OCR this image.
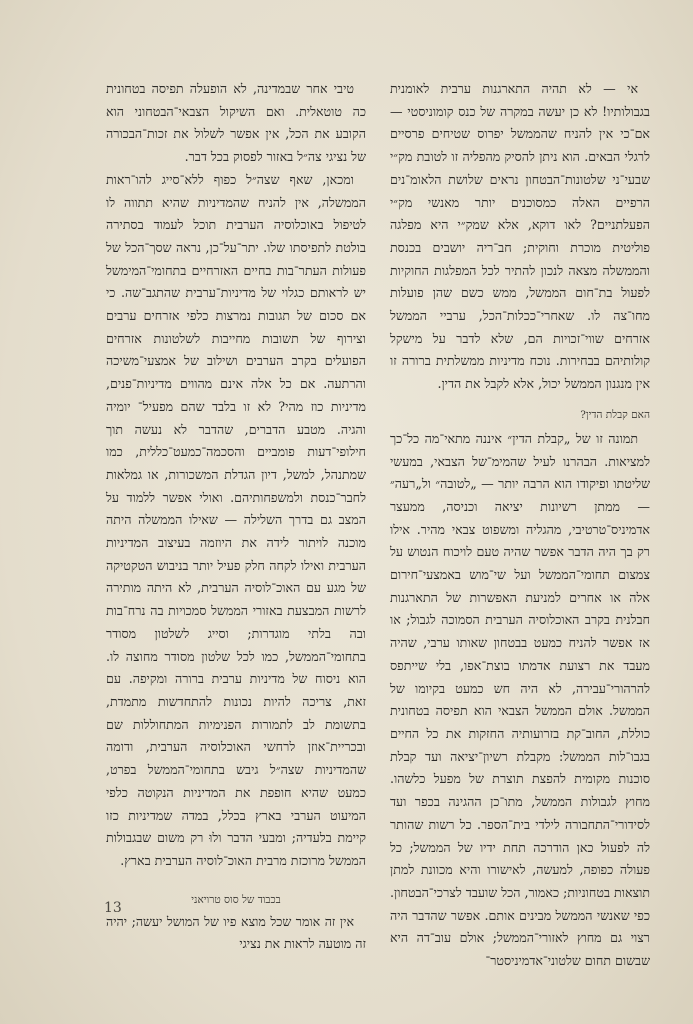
אי — לא תהיה התארגנות ערבית לאומנית בגבולותיו! לא כן יעשה במקרה של כנס קומוניסטי — אם־כי אין להניח שהממשל יפרוס שטיחים פרסיים לרגלי הבאים. הוא ניתן להסיק מהפליה זו לטובת מק״י שבעי־ני שלטונות־הבטחון נראים שלושת הלאומ־נים הרפיים האלה כמסוכנים יותר מאנשי מק״י הפעלתניים? לאו דוקא, אלא שמק״י היא מפלגה פוליטית מוכרת וחוקית; חב־ריה יושבים בכנסת והממשלה מצאה לנכון להתיר לכל המפלגות החוקיות לפעול בת־חום הממשל, ממש כשם שהן פועלות מחו־צה לו. שאחרי־ככלות־הכל, ערביי הממשל אזרחים שווי־זכויות הם, שלא לדבר על מישקל קולותיהם בבחירות. נוכח מדיניות ממשלתית ברורה זו אין מנגנון הממשל יכול, אלא לקבל את הדין.

האם קבלת הדין?

תמונה זו של „קבלת הדין״ איננה מתאי־מה כל־כך למציאות. הבהרנו לעיל שהמימ־של הצבאי, במעשי שליטתו ופיקודו הוא הרבה יותר — „לטובה״ ול„רעה״ — ממתן רשיונות יציאה וכניסה, ממעצר אדמיניס־טרטיבי, מהגליה ומשפוט צבאי מהיר. אילו רק בך היה הדבר אפשר שהיה טעם לויכוח הנטוש על צמצום תחומי־הממשל ועל שי־מוש באמצעי־חירום אלה או אחרים למניעת האפשרות של התארגנות חבלנית בקרב האוכלוסיה הערבית הסמוכה לגבול; או אז אפשר להניח כמעט בבטחון שאותו ערבי, שהיה מעבד את רצועת אדמתו בוצת־אפו, בלי שייתפס להרהורי־עבירה, לא היה חש כמעט בקיומו של הממשל. אולם הממשל הצבאי הוא תפיסה בטחונית כוללת, החוב־קת בזרועותיה החזקות את כל החיים בגבו־לות הממשל: מקבלת רשיון־יציאה ועד קבלת סוכנות מקומית להפצת תוצרת של מפעל כלשהו. מחוץ לגבולות הממשל, מתו־כן ההגינה בכפר ועד לסידורי־התחבורה לילדי בית־הספר. כל רשות שהותר לה לפעול כאן הודרכה תחת ידיו של הממשל; כל פעולה כפופה, למעשה, לאישורו והיא מכוונת למתן תוצאות בטחוניות; כאמור, הכל שועבד לצרכי־הבטחון. כפי שאנשי הממשל מבינים אותם. אפשר שהדבר היה רצוי גם מחוץ לאזורי־הממשל; אולם עוב־דה היא שבשום תחום שלטוני־אדמיניסטר־

טיבי אחר שבמדינה, לא הופעלה תפיסה בטחונית כה טוטאלית. ואם השיקול הצבאי־הבטחוני הוא הקובע את הכל, אין אפשר לשלול את זכות־הבכורה של נציגי צה״ל באזור לפסוק בכל דבר.

ומכאן, שאף שצה״ל כפוף ללא־סייג להו־ראות הממשלה, אין להניח שהמדיניות שהיא תתווה לו לטיפול באוכלוסיה הערבית תוכל לעמוד בסתירה בולטת לתפיסתו שלו. יתר־על־כן, נראה שסך־הכל של פעולות העתר־בות בחיים האזרחיים בתחומי־המימשל יש לראותם כגלוי של מדיניות־ערבית שהתגב־שה. כי אם סכום של תגובות נמרצות כלפי אזרחים ערבים וצירוף של תשובות מחייבות לשלטונות אזרחים הפועלים בקרב הערבים ושילוב של אמצעי־משיכה והרתעה. אם כל אלה אינם מהווים מדיניות־פנים, מדיניות כוז מהי? לא זו בלבד שהם מפעיל־ יומיה והגיה. מטבע הדברים, שהדבר לא נעשה תוך חילופי־דעות פומביים והסכמה־כמעט־כללית, כמו שמתנהל, למשל, דיון הגדלת המשכורות, או גמלאות לחבר־כנסת ולמשפחותיהם. ואולי אפשר ללמוד על המצב גם בדרך השלילה — שאילו הממשלה היתה מוכנה לויתור לידה את היוזמה בעיצוב המדיניות הערבית ואילו לקחה חלק פעיל יותר בניבוש הטקטיקה של מגע עם האוכ־לוסיה הערבית, לא היתה מותירה לרשות המבצעת באזורי הממשל סמכויות בה נרח־בות ובה בלתי מוגדרות; וסייג לשלטון מסודר בתחומי־הממשל, כמו לכל שלטון מסודר מחוצה לו. הוא ניסוח של מדיניות ערבית ברורה ומקיפה. עם זאת, צריכה להיות נכונות להתחדשות מתמדת, בתשומת לב לתמורות הפנימיות המתחוללות שם ובכריית־אוזן לרחשי האוכלוסיה הערבית, ודומה שהמדיניות שצה״ל גיבש בתחומי־הממשל בפרט, כמעט שהיא חופפת את המדיניות הנקוטה כלפי המיעוט הערבי בארץ בכלל, במדה שמדיניות כזו קיימת בלעדיה; ומבעי הדבר ולוּ רק משום שבגבולות הממשל מרוכזת מרבית האוכ־לוסיה הערבית בארץ.

בכבוד של סוס טרויאני

אין זה אומר שכל מוצא פיו של המושל יעשה; יהיה זה מוטעה לראות את נציגי

13
